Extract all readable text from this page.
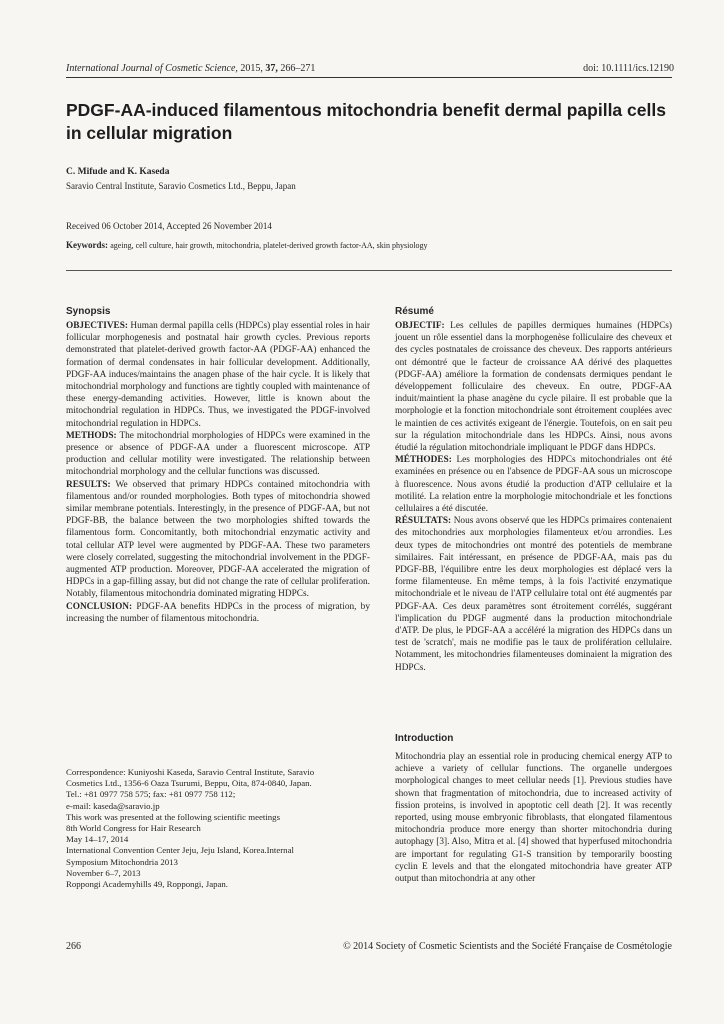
International Journal of Cosmetic Science, 2015, 37, 266–271	doi: 10.1111/ics.12190
PDGF-AA-induced filamentous mitochondria benefit dermal papilla cells in cellular migration
C. Mifude and K. Kaseda
Saravio Central Institute, Saravio Cosmetics Ltd., Beppu, Japan
Received 06 October 2014, Accepted 26 November 2014
Keywords: ageing, cell culture, hair growth, mitochondria, platelet-derived growth factor-AA, skin physiology
Synopsis

OBJECTIVES: Human dermal papilla cells (HDPCs) play essential roles in hair follicular morphogenesis and postnatal hair growth cycles. Previous reports demonstrated that platelet-derived growth factor-AA (PDGF-AA) enhanced the formation of dermal condensates in hair follicular development. Additionally, PDGF-AA induces/maintains the anagen phase of the hair cycle. It is likely that mitochondrial morphology and functions are tightly coupled with maintenance of these energy-demanding activities. However, little is known about the mitochondrial regulation in HDPCs. Thus, we investigated the PDGF-involved mitochondrial regulation in HDPCs.

METHODS: The mitochondrial morphologies of HDPCs were examined in the presence or absence of PDGF-AA under a fluorescent microscope. ATP production and cellular motility were investigated. The relationship between mitochondrial morphology and the cellular functions was discussed.

RESULTS: We observed that primary HDPCs contained mitochondria with filamentous and/or rounded morphologies. Both types of mitochondria showed similar membrane potentials. Interestingly, in the presence of PDGF-AA, but not PDGF-BB, the balance between the two morphologies shifted towards the filamentous form. Concomitantly, both mitochondrial enzymatic activity and total cellular ATP level were augmented by PDGF-AA. These two parameters were closely correlated, suggesting the mitochondrial involvement in the PDGF-augmented ATP production. Moreover, PDGF-AA accelerated the migration of HDPCs in a gap-filling assay, but did not change the rate of cellular proliferation. Notably, filamentous mitochondria dominated migrating HDPCs.

CONCLUSION: PDGF-AA benefits HDPCs in the process of migration, by increasing the number of filamentous mitochondria.

Résumé

OBJECTIF: Les cellules de papilles dermiques humaines (HDPCs) jouent un rôle essentiel dans la morphogenèse folliculaire des cheveux et des cycles postnatales de croissance des cheveux. Des rapports antérieurs ont démontré que le facteur de croissance AA dérivé des plaquettes (PDGF-AA) améliore la formation de condensats dermiques pendant le développement folliculaire des cheveux. En outre, PDGF-AA induit/maintient la phase anagène du cycle pilaire. Il est probable que la morphologie et la fonction mitochondriale sont étroitement couplées avec le maintien de ces activités exigeant de l'énergie. Toutefois, on en sait peu sur la régulation mitochondriale dans les HDPCs. Ainsi, nous avons étudié la régulation mitochondriale impliquant le PDGF dans HDPCs.

MÉTHODES: Les morphologies des HDPCs mitochondriales ont été examinées en présence ou en l'absence de PDGF-AA sous un microscope à fluorescence. Nous avons étudié la production d'ATP cellulaire et la motilité. La relation entre la morphologie mitochondriale et les fonctions cellulaires a été discutée.

RÉSULTATS: Nous avons observé que les HDPCs primaires contenaient des mitochondries aux morphologies filamenteux et/ou arrondies. Les deux types de mitochondries ont montré des potentiels de membrane similaires. Fait intéressant, en présence de PDGF-AA, mais pas du PDGF-BB, l'équilibre entre les deux morphologies est déplacé vers la forme filamenteuse. En même temps, à la fois l'activité enzymatique mitochondriale et le niveau de l'ATP cellulaire total ont été augmentés par PDGF-AA. Ces deux paramètres sont étroitement corrélés, suggérant l'implication du PDGF augmenté dans la production mitochondriale d'ATP. De plus, le PDGF-AA a accéléré la migration des HDPCs dans un test de 'scratch', mais ne modifie pas le taux de prolifération cellulaire. Notamment, les mitochondries filamenteuses dominaient la migration des HDPCs.

Introduction

Mitochondria play an essential role in producing chemical energy ATP to achieve a variety of cellular functions. The organelle undergoes morphological changes to meet cellular needs [1]. Previous studies have shown that fragmentation of mitochondria, due to increased activity of fission proteins, is involved in apoptotic cell death [2]. It was recently reported, using mouse embryonic fibroblasts, that elongated filamentous mitochondria produce more energy than shorter mitochondria during autophagy [3]. Also, Mitra et al. [4] showed that hyperfused mitochondria are important for regulating G1-S transition by temporarily boosting cyclin E levels and that the elongated mitochondria have greater ATP output than mitochondria at any other

Correspondence: Kuniyoshi Kaseda, Saravio Central Institute, Saravio
Cosmetics Ltd., 1356-6 Oaza Tsurumi, Beppu, Oita, 874-0840, Japan.
Tel.: +81 0977 758 575; fax: +81 0977 758 112;
e-mail: kaseda@saravio.jp
This work was presented at the following scientific meetings
8th World Congress for Hair Research
May 14–17, 2014
International Convention Center Jeju, Jeju Island, Korea.Internal
Symposium Mitochondria 2013
November 6–7, 2013
Roppongi Academyhills 49, Roppongi, Japan.
266	© 2014 Society of Cosmetic Scientists and the Société Française de Cosmétologie
